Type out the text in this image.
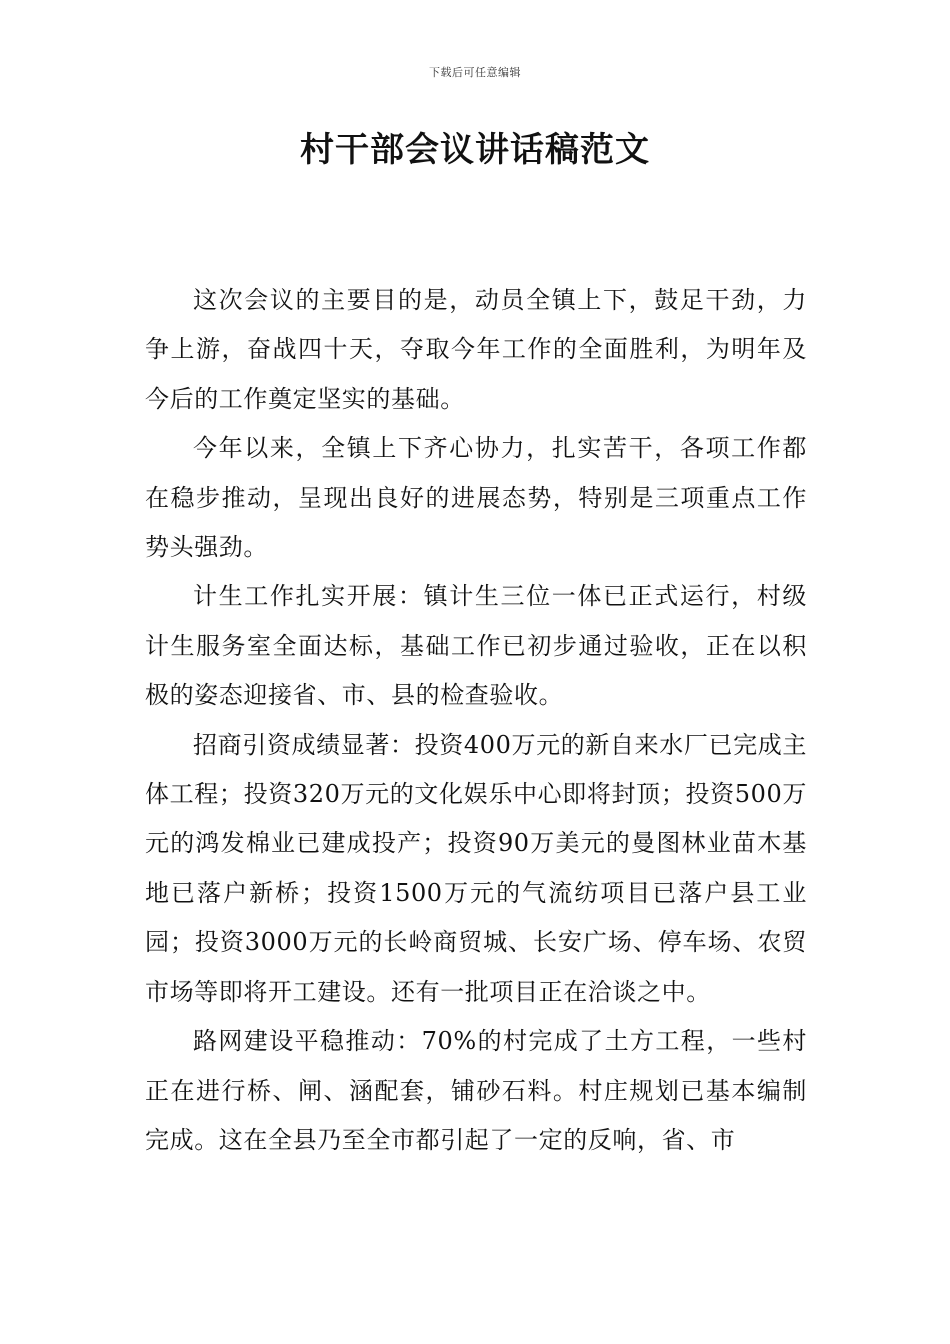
下载后可任意编辑
村干部会议讲话稿范文

这次会议的主要目的是，动员全镇上下，鼓足干劲，力争上游，奋战四十天，夺取今年工作的全面胜利，为明年及今后的工作奠定坚实的基础。

今年以来，全镇上下齐心协力，扎实苦干，各项工作都在稳步推动，呈现出良好的进展态势，特别是三项重点工作势头强劲。

计生工作扎实开展：镇计生三位一体已正式运行，村级计生服务室全面达标，基础工作已初步通过验收，正在以积极的姿态迎接省、市、县的检查验收。

招商引资成绩显著：投资400万元的新自来水厂已完成主体工程；投资320万元的文化娱乐中心即将封顶；投资500万元的鸿发棉业已建成投产；投资90万美元的曼图林业苗木基地已落户新桥；投资1500万元的气流纺项目已落户县工业园；投资3000万元的长岭商贸城、长安广场、停车场、农贸市场等即将开工建设。还有一批项目正在洽谈之中。

路网建设平稳推动：70%的村完成了土方工程，一些村正在进行桥、闸、涵配套，铺砂石料。村庄规划已基本编制完成。这在全县乃至全市都引起了一定的反响，省、市
